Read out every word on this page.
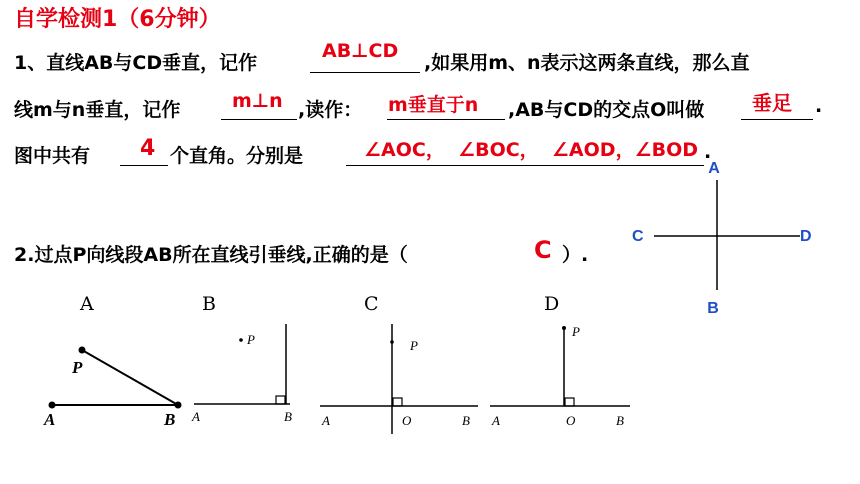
自学检测1（6分钟）
1、直线AB与CD垂直，记作
AB⊥CD
,如果用m、n表示这两条直线，那么直
线m与n垂直，记作	m⊥n ,读作： m垂直于n ,AB与CD的交点O叫做 垂足 .
图中共有 4 个直角。分别是	∠AOC，  ∠BOC，  ∠AOD，∠BOD .
A
B
C	D
2.过点P向线段AB所在直线引垂线,正确的是（	C ）.
A	B	C	D
P
A	B
P
A	B
P
A	O	B
P
A	O	B
